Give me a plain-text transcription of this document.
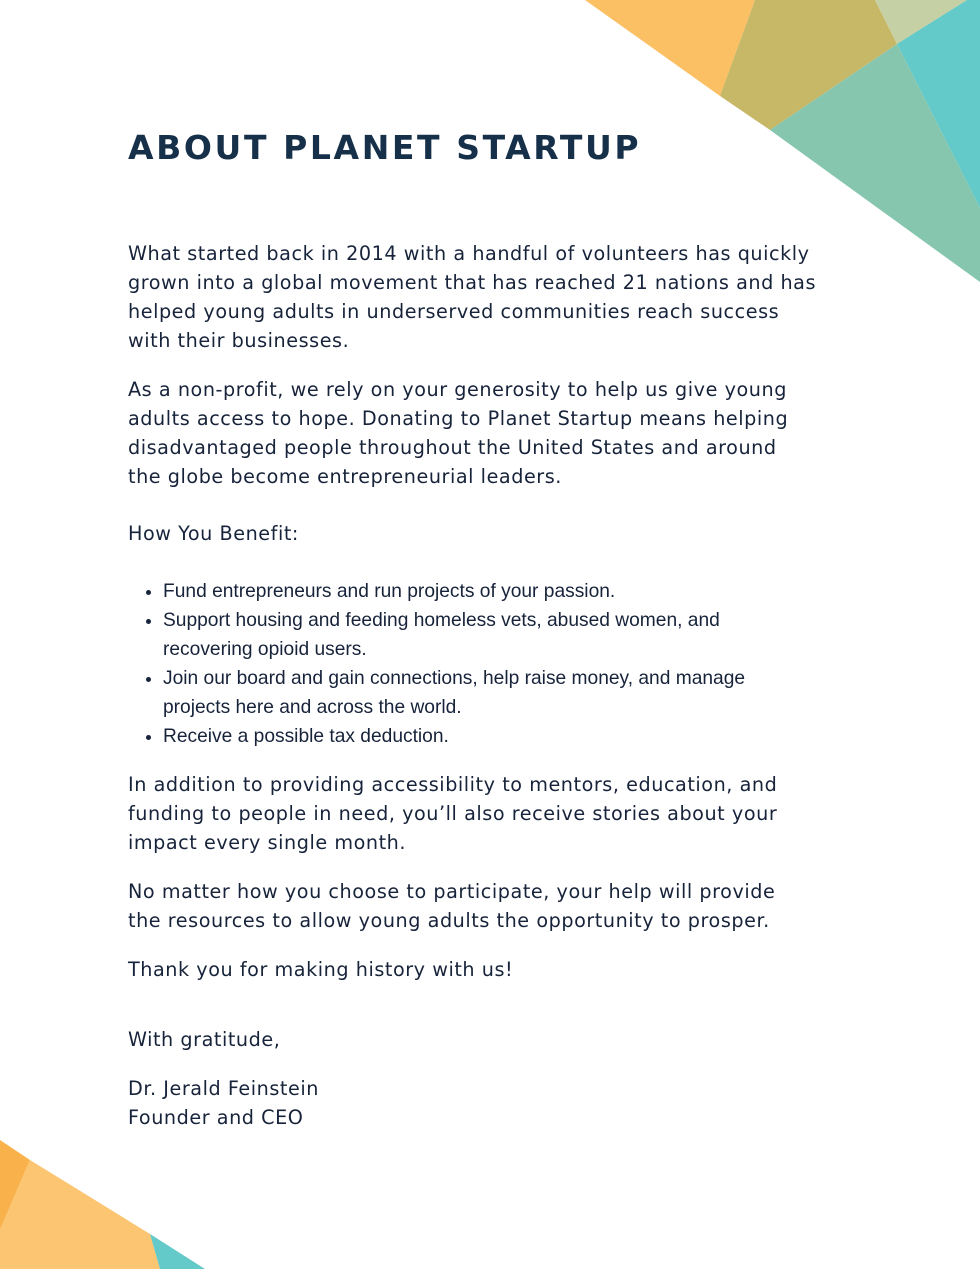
ABOUT PLANET STARTUP

What started back in 2014 with a handful of volunteers has quickly grown into a global movement that has reached 21 nations and has helped young adults in underserved communities reach success with their businesses.

As a non-profit, we rely on your generosity to help us give young adults access to hope. Donating to Planet Startup means helping disadvantaged people throughout the United States and around the globe become entrepreneurial leaders.

How You Benefit:

• Fund entrepreneurs and run projects of your passion.
• Support housing and feeding homeless vets, abused women, and recovering opioid users.
• Join our board and gain connections, help raise money, and manage projects here and across the world.
• Receive a possible tax deduction.

In addition to providing accessibility to mentors, education, and funding to people in need, you’ll also receive stories about your impact every single month.

No matter how you choose to participate, your help will provide the resources to allow young adults the opportunity to prosper.

Thank you for making history with us!

With gratitude,

Dr. Jerald Feinstein

Founder and CEO
